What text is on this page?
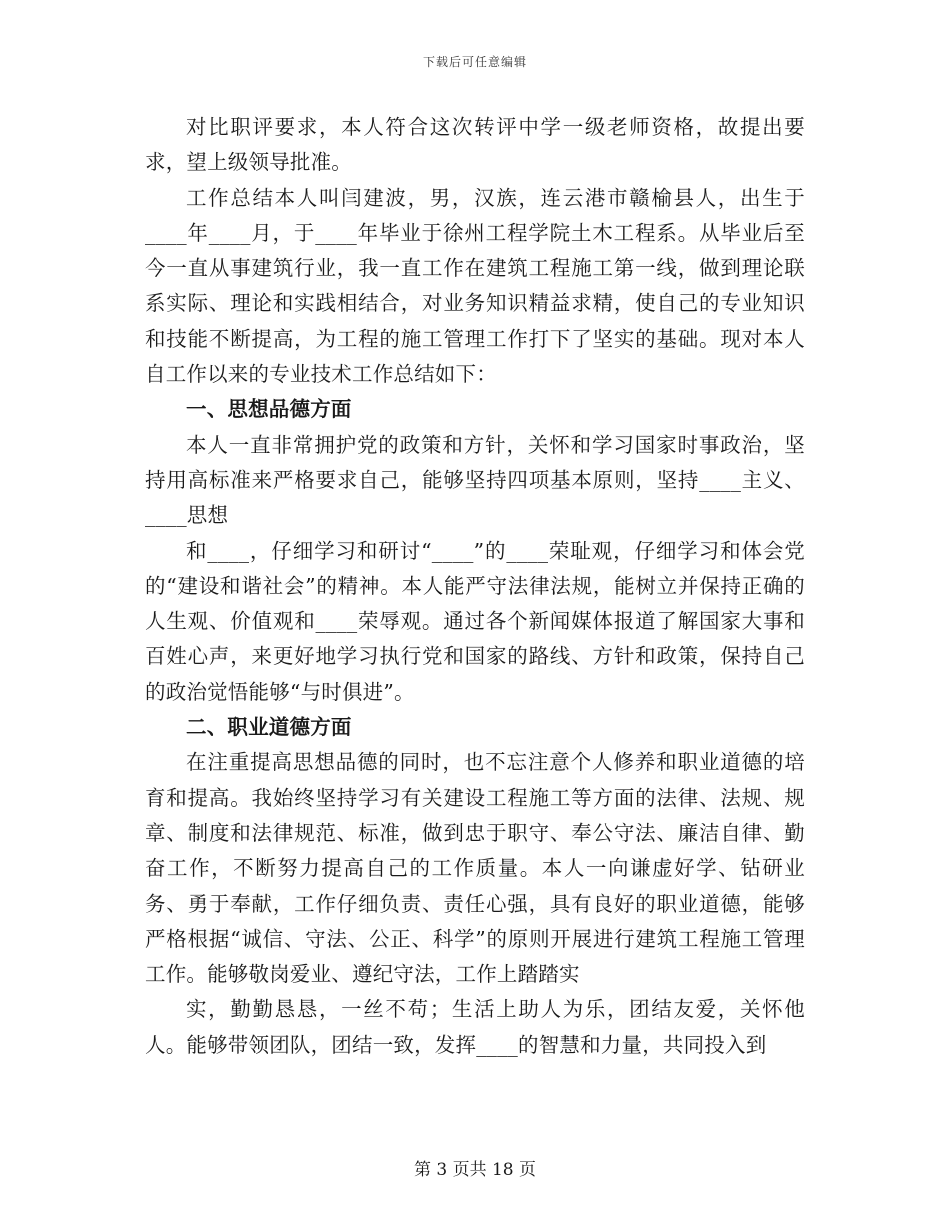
下载后可任意编辑

对比职评要求，本人符合这次转评中学一级老师资格，故提出要求，望上级领导批准。

工作总结本人叫闫建波，男，汉族，连云港市赣榆县人，出生于____年____月，于____年毕业于徐州工程学院土木工程系。从毕业后至今一直从事建筑行业，我一直工作在建筑工程施工第一线，做到理论联系实际、理论和实践相结合，对业务知识精益求精，使自己的专业知识和技能不断提高，为工程的施工管理工作打下了坚实的基础。现对本人自工作以来的专业技术工作总结如下：

一、思想品德方面

本人一直非常拥护党的政策和方针，关怀和学习国家时事政治，坚持用高标准来严格要求自己，能够坚持四项基本原则，坚持____主义、____思想

和____，仔细学习和研讨“____”的____荣耻观，仔细学习和体会党的“建设和谐社会”的精神。本人能严守法律法规，能树立并保持正确的人生观、价值观和____荣辱观。通过各个新闻媒体报道了解国家大事和百姓心声，来更好地学习执行党和国家的路线、方针和政策，保持自己的政治觉悟能够“与时俱进”。

二、职业道德方面

在注重提高思想品德的同时，也不忘注意个人修养和职业道德的培育和提高。我始终坚持学习有关建设工程施工等方面的法律、法规、规章、制度和法律规范、标准，做到忠于职守、奉公守法、廉洁自律、勤奋工作，不断努力提高自己的工作质量。本人一向谦虚好学、钻研业务、勇于奉献，工作仔细负责、责任心强，具有良好的职业道德，能够严格根据“诚信、守法、公正、科学”的原则开展进行建筑工程施工管理工作。能够敬岗爱业、遵纪守法，工作上踏踏实

实，勤勤恳恳，一丝不苟；生活上助人为乐，团结友爱，关怀他人。能够带领团队，团结一致，发挥____的智慧和力量，共同投入到

第 3 页共 18 页
